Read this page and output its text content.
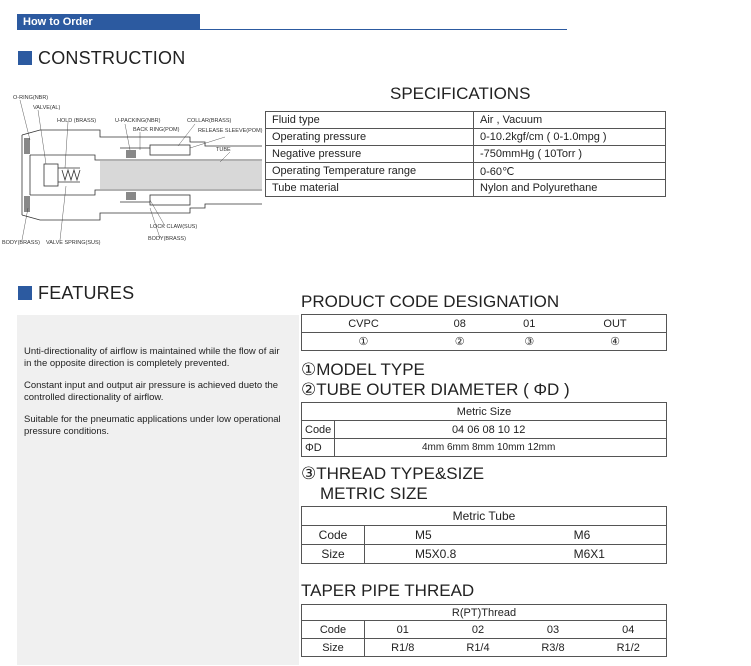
How to Order
CONSTRUCTION
O-RING(NBR)
VALVE(AL)
HOLD (BRASS)	U-PACKING(NBR)
BACK RING(POM)
COLLAR(BRASS)
RELEASE SLEEVE(POM)
TUBE
LOCK CLAW(SUS)
BODY(BRASS)
BODY(BRASS) VALVE SPRING(SUS)
SPECIFICATIONS
Fluid type	Air , Vacuum
Operating pressure	0-10.2kgf/cm ( 0-1.0mpg )
Negative pressure	-750mmHg ( 10Torr )
Operating Temperature range	0-60℃
Tube material	Nylon and Polyurethane
FEATURES

Unti-directionality of airflow is maintained while the flow of air

in the opposite direction is completely prevented.

Constant input and output air pressure is achieved dueto the

controlled directionality of airflow.

Suitable for the pneumatic applications under low operational

pressure conditions.

PRODUCT CODE DESIGNATION
CVPC	08	01	OUT
①	②	③	④
①MODEL TYPE
②TUBE OUTER DIAMETER ( ΦD )
Metric Size	
Code	04 06 08 10 12
ΦD	4mm 6mm 8mm 10mm 12mm
③THREAD TYPE&SIZE
METRIC SIZE
Metric Tube		
Code	M5	M6
Size	M5X0.8	M6X1
TAPER PIPE THREAD
R(PT)Thread				
Code	01	02	03	04
Size	R1/8	R1/4	R3/8	R1/2
